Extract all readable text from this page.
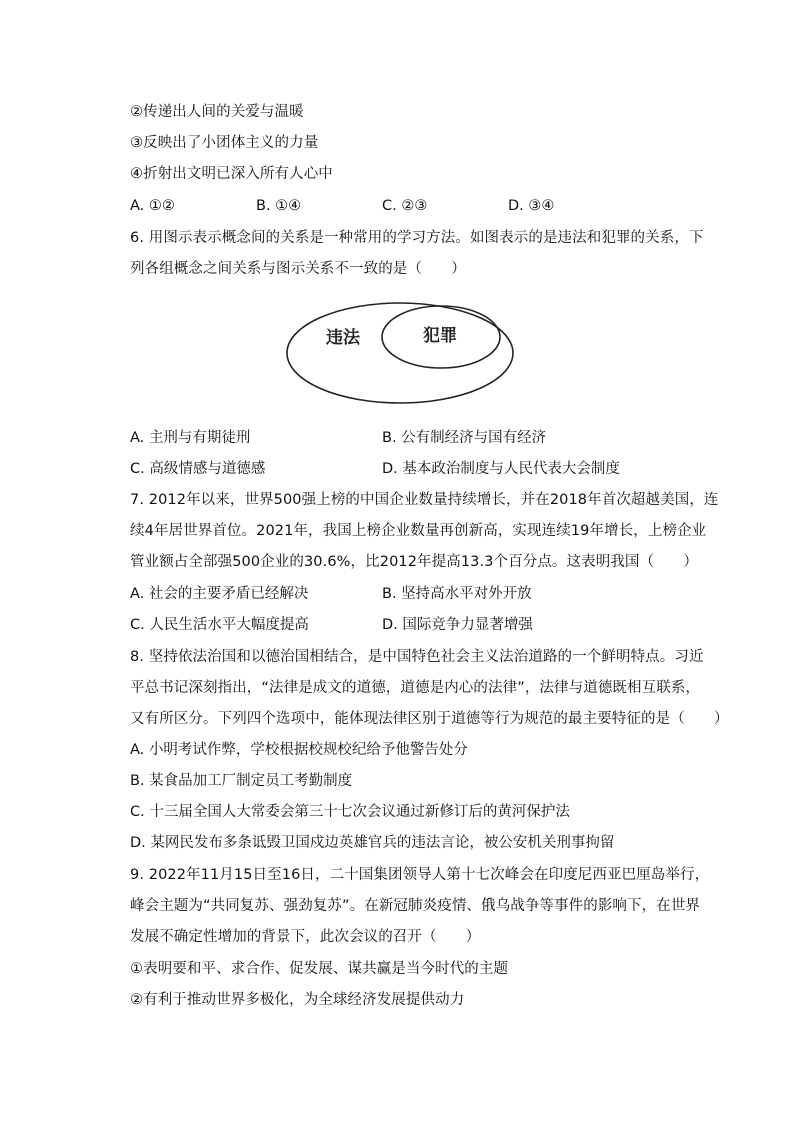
②传递出人间的关爱与温暖
③反映出了小团体主义的力量
④折射出文明已深入所有人心中
A. ①②	B. ①④	C. ②③	D. ③④
6. 用图示表示概念间的关系是一种常用的学习方法。如图表示的是违法和犯罪的关系，下
列各组概念之间关系与图示关系不一致的是（　　）
违法	犯罪
A. 主刑与有期徒刑	B. 公有制经济与国有经济
C. 高级情感与道德感	D. 基本政治制度与人民代表大会制度
7. 2012年以来，世界500强上榜的中国企业数量持续增长，并在2018年首次超越美国，连
续4年居世界首位。2021年，我国上榜企业数量再创新高，实现连续19年增长，上榜企业
管业额占全部强500企业的30.6%，比2012年提高13.3个百分点。这表明我国（　　）
A. 社会的主要矛盾已经解决	B. 坚持高水平对外开放
C. 人民生活水平大幅度提高	D. 国际竞争力显著增强
8. 坚持依法治国和以德治国相结合，是中国特色社会主义法治道路的一个鲜明特点。习近
平总书记深刻指出，“法律是成文的道德，道德是内心的法律”，法律与道德既相互联系，
又有所区分。下列四个选项中，能体现法律区别于道德等行为规范的最主要特征的是（　　）
A. 小明考试作弊，学校根据校规校纪给予他警告处分
B. 某食品加工厂制定员工考勤制度
C. 十三届全国人大常委会第三十七次会议通过新修订后的黄河保护法
D. 某网民发布多条诋毁卫国戍边英雄官兵的违法言论，被公安机关刑事拘留
9. 2022年11月15日至16日，二十国集团领导人第十七次峰会在印度尼西亚巴厘岛举行，
峰会主题为“共同复苏、强劲复苏”。在新冠肺炎疫情、俄乌战争等事件的影响下，在世界
发展不确定性增加的背景下，此次会议的召开（　　）
①表明要和平、求合作、促发展、谋共赢是当今时代的主题
②有利于推动世界多极化，为全球经济发展提供动力
